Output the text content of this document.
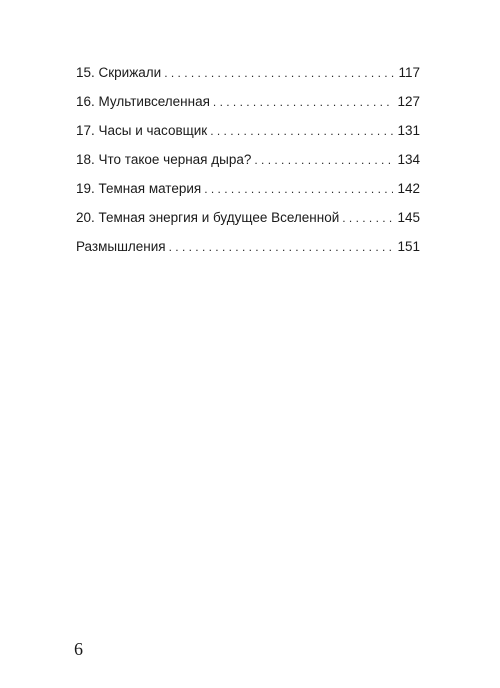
15. Скрижали . . .	117
16. Мультивселенная . . .	127
17. Часы и часовщик . . .	131
18. Что такое черная дыра? . . .	134
19. Темная материя . . .	142
20. Темная энергия и будущее Вселенной . . .	145
Размышления . . .	151
6
